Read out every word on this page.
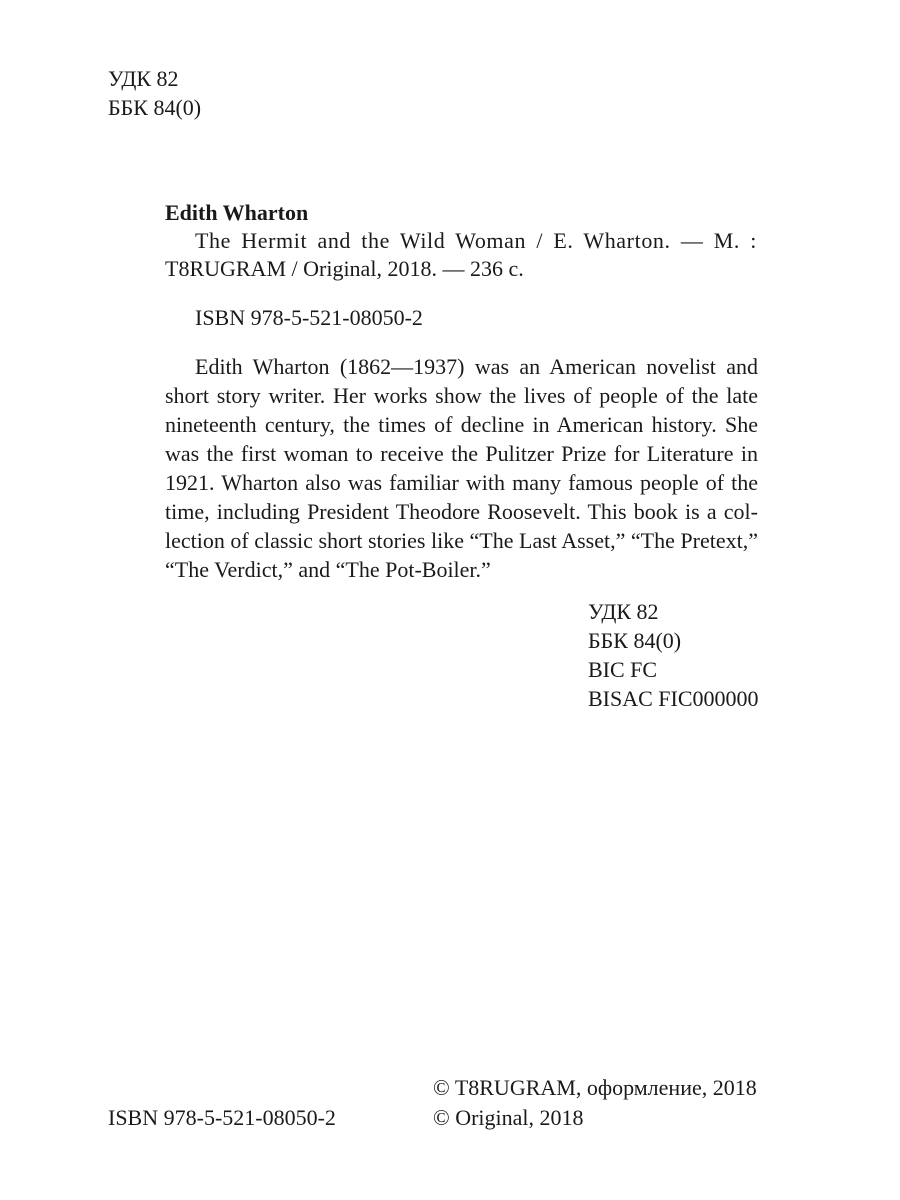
УДК 82
ББК 84(0)
Edith Wharton
The Hermit and the Wild Woman / E. Wharton. — M. :
T8RUGRAM / Original, 2018. — 236 с.
ISBN 978-5-521-08050-2

Edith Wharton (1862—1937) was an American novelist and
short story writer. Her works show the lives of people of the late
nineteenth century, the times of decline in American history. She
was the first woman to receive the Pulitzer Prize for Literature in
1921. Wharton also was familiar with many famous people of the
time, including President Theodore Roosevelt. This book is a col-
lection of classic short stories like “The Last Asset,” “The Pretext,”
“The Verdict,” and “The Pot-Boiler.”

УДК 82
ББК 84(0)
BIC FC
BISAC FIC000000
ISBN 978-5-521-08050-2
© T8RUGRAM, оформление, 2018
© Original, 2018
